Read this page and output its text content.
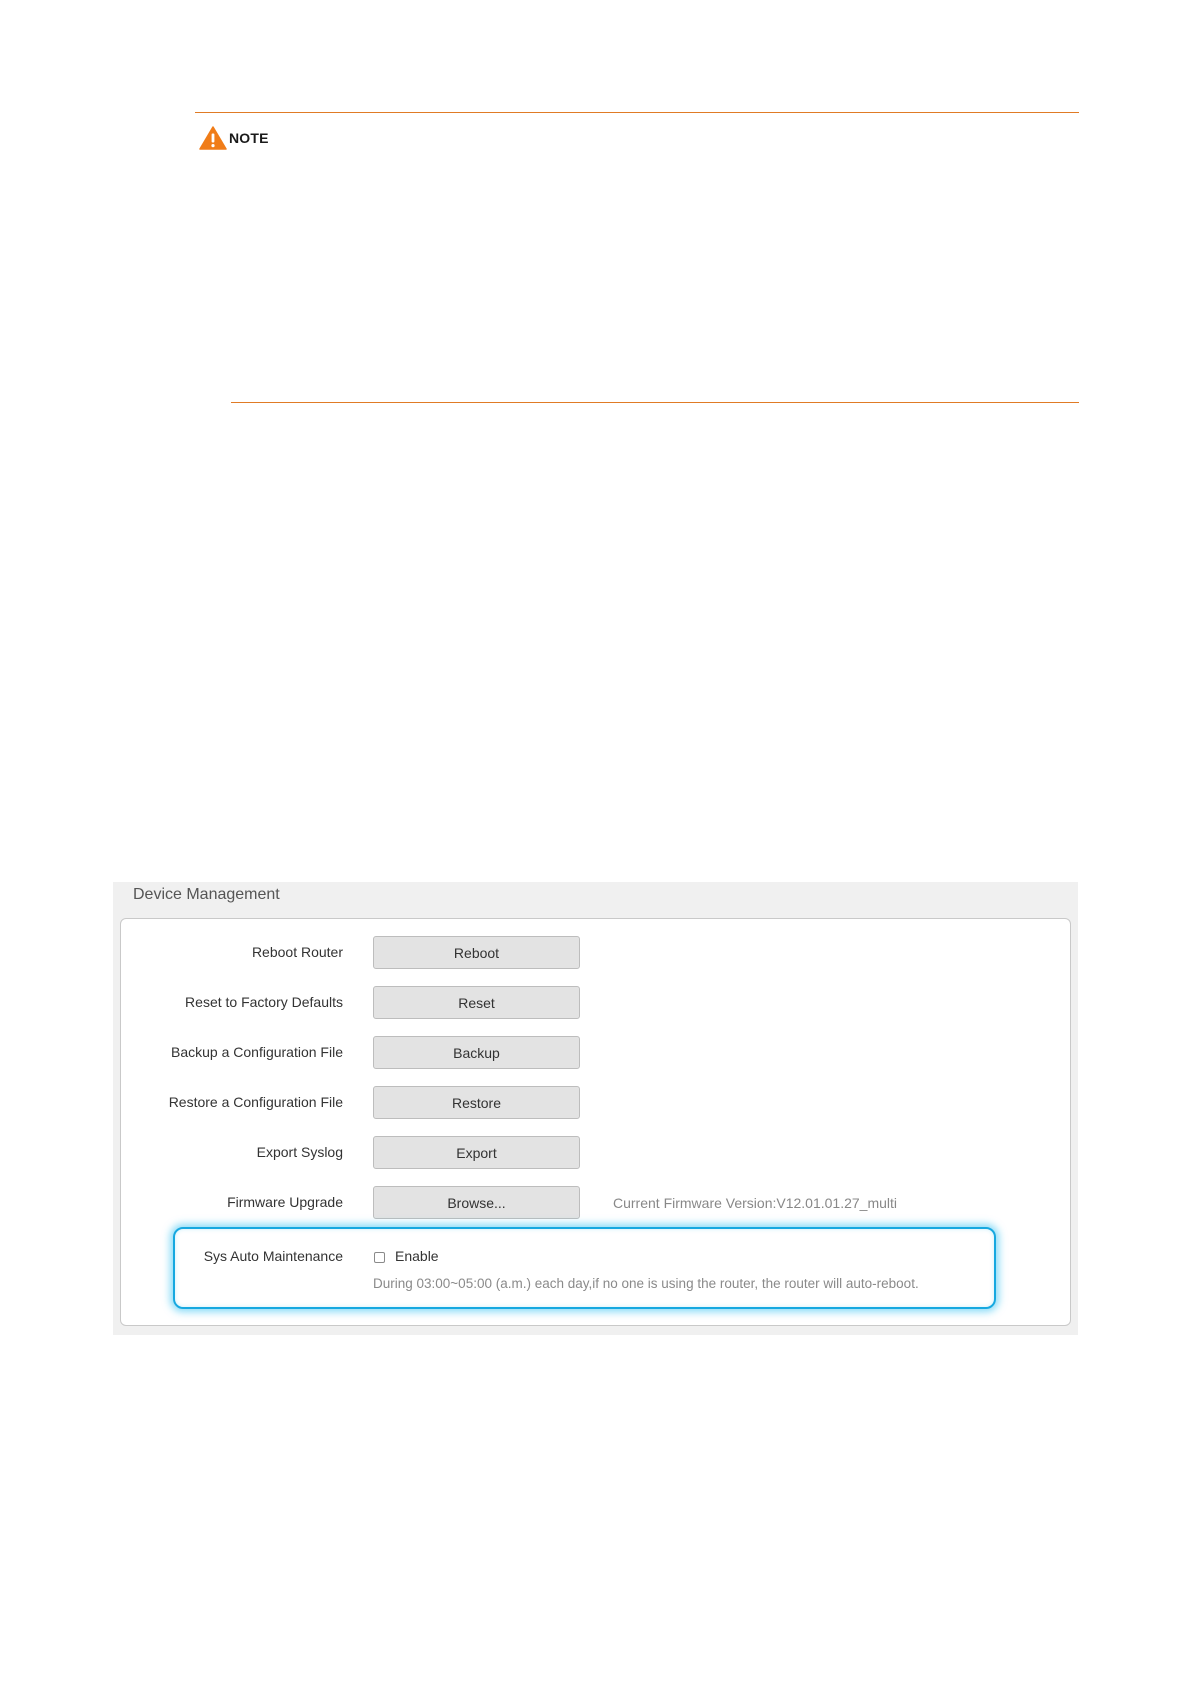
NOTE
Device Management
Reboot Router	Reboot
Reset to Factory Defaults	Reset
Backup a Configuration File	Backup
Restore a Configuration File	Restore
Export Syslog	Export
Firmware Upgrade	Browse...	Current Firmware Version:V12.01.01.27_multi
Sys Auto Maintenance	Enable
During 03:00~05:00 (a.m.) each day,if no one is using the router, the router will auto-reboot.
